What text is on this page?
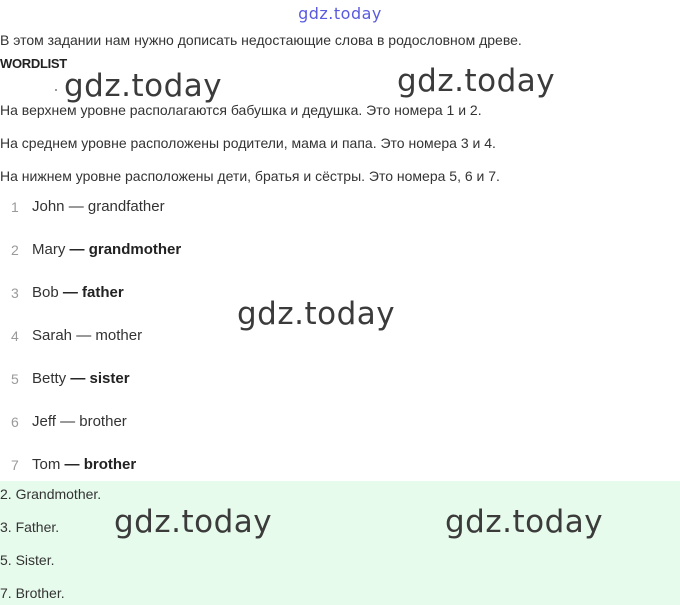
gdz.today
В этом задании нам нужно дописать недостающие слова в родословном древе.
WORDLIST
На верхнем уровне располагаются бабушка и дедушка. Это номера 1 и 2.
На среднем уровне расположены родители, мама и папа. Это номера 3 и 4.
На нижнем уровне расположены дети, братья и сёстры. Это номера 5, 6 и 7.
1 John — grandfather
2 Mary — grandmother
3 Bob — father
4 Sarah — mother
5 Betty — sister
6 Jeff — brother
7 Tom — brother
2. Grandmother.
3. Father.
5. Sister.
7. Brother.
gdz.today	gdz.today
gdz.today
gdz.today	gdz.today
